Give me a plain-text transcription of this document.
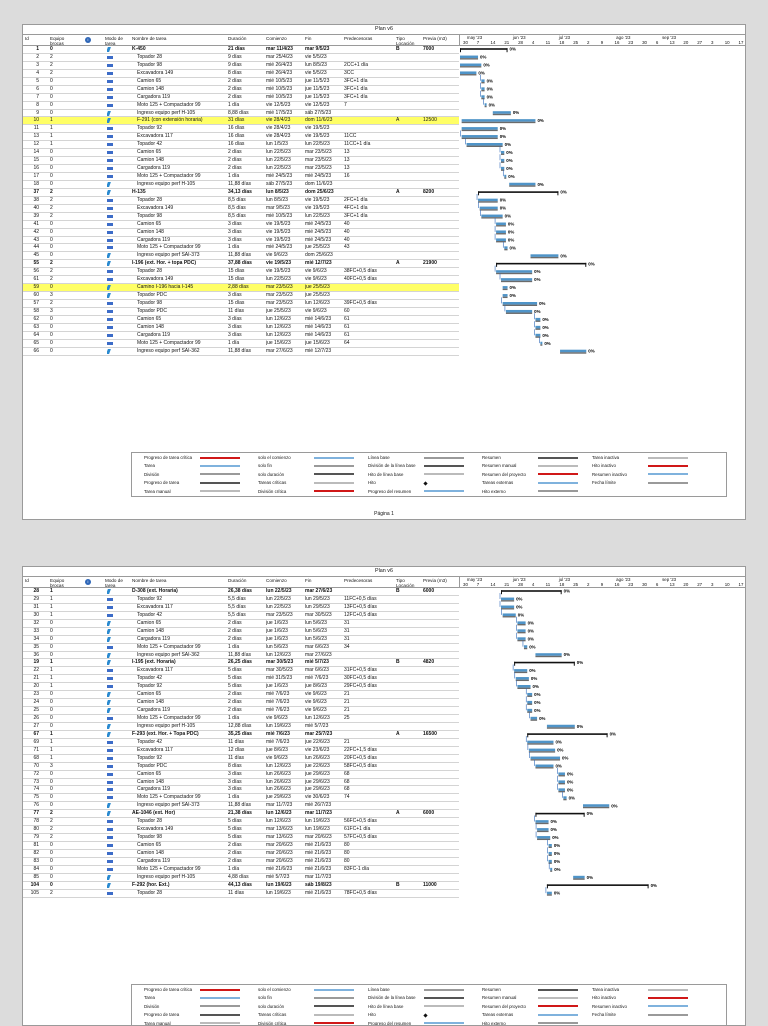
Plan v6
Id	Equipo
brocas
i	Modo de
tarea
Nombre de tarea	Duración	Comienzo	Fin	Predecesoras	Tipo
Locación
Previa (m3)	may '23	jun '23	jul '23	ago '23	sep '23
30 7	14 21 28 4	11 18 25 2	9	16 23 30 6	13 20 27 3	10 17
1 0	K-450	21 días	mar 11/4/23	mar 9/5/23	B	7000
2 2	Topador 28	9 días	mar 25/4/23	vie 5/5/23
3 2	Topador 98	9 días	mié 26/4/23	lun 8/5/23	2CC+1 día
4 2	Excavadora 149	8 días	mié 26/4/23	vie 5/5/23	3CC
5 0	Camion 65	2 días	mié 10/5/23	jue 11/5/23	3FC+1 día
6 0	Camion 148	2 días	mié 10/5/23	jue 11/5/23	3FC+1 día
7 0	Cargadora 119	2 días	mié 10/5/23	jue 11/5/23	3FC+1 día
8 0	Moto 125 + Compactador 99	1 día	vie 12/5/23	vie 12/5/23	7
9 0	Ingreso equipo perf H-105	8,88 días	mié 17/5/23	sáb 27/5/23
10 1	F-291 (con extensión horaria)	31 días	vie 28/4/23	dom 11/6/23	A	12500
11 1	Topador 92	16 días	vie 28/4/23	vie 19/5/23
13 1	Excavadora 117	16 días	vie 28/4/23	vie 19/5/23	11CC
12 1	Topador 42	16 días	lun 1/5/23	lun 22/5/23	11CC+1 día
14 0	Camion 65	2 días	lun 22/5/23	mar 23/5/23	13
15 0	Camion 148	2 días	lun 22/5/23	mar 23/5/23	13
16 0	Cargadora 119	2 días	lun 22/5/23	mar 23/5/23	13
17 0	Moto 125 + Compactador 99	1 día	mié 24/5/23	mié 24/5/23	16
18 0	Ingreso equipo perf H-105	11,88 días	sáb 27/5/23	dom 11/6/23
37 2	H-135	34,13 días	lun 8/5/23	dom 25/6/23	A	8200
38 2	Topador 28	8,5 días	lun 8/5/23	vie 19/5/23	2FC+1 día
40 2	Excavadora 149	8,5 días	mar 9/5/23	vie 19/5/23	4FC+1 día
39 2	Topador 98	8,5 días	mié 10/5/23	lun 22/5/23	3FC+1 día
41 0	Camion 65	3 días	vie 19/5/23	mié 24/5/23	40
42 0	Camion 148	3 días	vie 19/5/23	mié 24/5/23	40
43 0	Cargadora 119	3 días	vie 19/5/23	mié 24/5/23	40
44 0	Moto 125 + Compactador 99	1 día	mié 24/5/23	jue 25/5/23	43
45 0	Ingreso equipo perf SAI-373	11,88 días	vie 9/6/23	dom 25/6/23
55 2	I-196 (ext. Hor. + topa PDC)	37,88 días	vie 19/5/23	mié 12/7/23	A	21900
56 2	Topador 28	15 días	vie 19/5/23	vie 9/6/23	38FC+0,5 días
61 2	Excavadora 149	15 días	lun 22/5/23	vie 9/6/23	40FC+0,5 días
59 0	Camino I-196 hacia I-145	2,88 días	mar 23/5/23	jue 25/5/23
60 3	Topador PDC	3 días	mar 23/5/23	jue 25/5/23
57 2	Topador 98	15 días	mar 23/5/23	lun 12/6/23	39FC+0,5 días
58 3	Topador PDC	11 días	jue 25/5/23	vie 9/6/23	60
62 0	Camion 65	3 días	lun 12/6/23	mié 14/6/23	61
63 0	Camion 148	3 días	lun 12/6/23	mié 14/6/23	61
64 0	Cargadora 119	3 días	lun 12/6/23	mié 14/6/23	61
65 0	Moto 125 + Compactador 99	1 día	jue 15/6/23	jue 15/6/23	64
66 0	Ingreso equipo perf SAI-362	11,88 días	mar 27/6/23	mié 12/7/23
0%
0%
0%
0%
0%
0%
0%
0%
0%
0%
0%
0%
0%
0%
0%
0%
0%
0%
0%
0%
0%
0%
0%
0%
0%
0%
0%
0%
0%
0%
0%
0%
0%
0%
0%
0%
0%
0%
0%
Progreso de tarea crítica	solo el comienzo	Línea base	Resumen	Tarea inactiva
Tarea	solo fin	División de la línea base	Resumen manual	Hito inactivo
División	solo duración	Hito de línea base	Resumen del proyecto	Resumen inactivo
Progreso de tarea	Tareas críticas	Hito	Tareas externas	Fecha límite
Tarea manual	División crítica	Progreso del resumen	Hito externo
Página 1
Plan v6
Id	Equipo
brocas
i	Modo de
tarea
Nombre de tarea	Duración	Comienzo	Fin	Predecesoras	Tipo
Locación
Previa (m3)	may '23	jun '23	jul '23	ago '23	sep '23
30 7	14 21 28 4	11 18 25 2	9	16 23 30 6	13 20 27 3	10 17
28 1	D-308 (ext. Horaria)	26,38 días	lun 22/5/23	mar 27/6/23	B	6000
29 1	Topador 92	5,5 días	lun 22/5/23	lun 29/5/23	11FC+0,5 días
31 1	Excavadora 117	5,5 días	lun 22/5/23	lun 29/5/23	13FC+0,5 días
30 1	Topador 42	5,5 días	mar 23/5/23	mar 30/5/23	12FC+0,5 días
32 0	Camion 65	2 días	jue 1/6/23	lun 5/6/23	31
33 0	Camion 148	2 días	jue 1/6/23	lun 5/6/23	31
34 0	Cargadora 119	2 días	jue 1/6/23	lun 5/6/23	31
35 0	Moto 125 + Compactador 99	1 día	lun 5/6/23	mar 6/6/23	34
36 0	Ingreso equipo perf SAI-362	11,88 días	lun 12/6/23	mar 27/6/23
19 1	I-195 (ext. Horaria)	26,25 días	mar 30/5/23	mié 5/7/23	B	4820
22 1	Excavadora 117	5 días	mar 30/5/23	mar 6/6/23	31FC+0,5 días
21 1	Topador 42	5 días	mié 31/5/23	mié 7/6/23	30FC+0,5 días
20 1	Topador 92	5 días	jue 1/6/23	jue 8/6/23	29FC+0,5 días
23 0	Camion 65	2 días	mié 7/6/23	vie 9/6/23	21
24 0	Camion 148	2 días	mié 7/6/23	vie 9/6/23	21
25 0	Cargadora 119	2 días	mié 7/6/23	vie 9/6/23	21
26 0	Moto 125 + Compactador 99	1 día	vie 9/6/23	lun 12/6/23	25
27 0	Ingreso equipo perf H-105	12,88 días	lun 19/6/23	mié 5/7/23
67 1	F-293 (ext. Hor. + Topa PDC)	35,25 días	mié 7/6/23	mar 25/7/23	A	16500
69 1	Topador 42	11 días	mié 7/6/23	jue 22/6/23	21
71 1	Excavadora 117	12 días	jue 8/6/23	vie 23/6/23	22FC+1,5 días
68 1	Topador 92	11 días	vie 9/6/23	lun 26/6/23	20FC+0,5 días
70 3	Topador PDC	8 días	lun 12/6/23	jue 22/6/23	58FC+0,5 días
72 0	Camion 65	3 días	lun 26/6/23	jue 29/6/23	68
73 0	Camion 148	3 días	lun 26/6/23	jue 29/6/23	68
74 0	Cargadora 119	3 días	lun 26/6/23	jue 29/6/23	68
75 0	Moto 125 + Compactador 99	1 día	jue 29/6/23	vie 30/6/23	74
76 0	Ingreso equipo perf SAI-373	11,88 días	mar 11/7/23	mié 26/7/23
77 2	AE-1046 (ext. Hor)	21,38 días	lun 12/6/23	mar 11/7/23	A	6000
78 2	Topador 28	5 días	lun 12/6/23	lun 19/6/23	56FC+0,5 días
80 2	Excavadora 149	5 días	mar 13/6/23	lun 19/6/23	61FC+1 día
79 2	Topador 98	5 días	mar 13/6/23	mar 20/6/23	57FC+0,5 días
81 0	Camion 65	2 días	mar 20/6/23	mié 21/6/23	80
82 0	Camion 148	2 días	mar 20/6/23	mié 21/6/23	80
83 0	Cargadora 119	2 días	mar 20/6/23	mié 21/6/23	80
84 0	Moto 125 + Compactador 99	1 día	mié 21/6/23	mié 21/6/23	83FC-1 día
85 0	Ingreso equipo perf H-105	4,88 días	mié 5/7/23	mar 11/7/23
104 0	F-292 (hor. Ext.)	44,13 días	lun 19/6/23	sáb 19/8/23	B	11000
105 2	Topador 28	11 días	lun 19/6/23	mié 21/6/23	78FC+0,5 días
0%
0%
0%
0%
0%
0%
0%
0%
0%
0%
0%
0%
0%
0%
0%
0%
0%
0%
0%
0%
0%
0%
0%
0%
0%
0%
0%
0%
0%
0%
0%
0%
0%
0%
0%
0%
0%
0%
0%
Progreso de tarea crítica	solo el comienzo	Línea base	Resumen	Tarea inactiva
Tarea	solo fin	División de la línea base	Resumen manual	Hito inactivo
División	solo duración	Hito de línea base	Resumen del proyecto	Resumen inactivo
Progreso de tarea	Tareas críticas	Hito	Tareas externas	Fecha límite
Tarea manual	División crítica	Progreso del resumen	Hito externo
